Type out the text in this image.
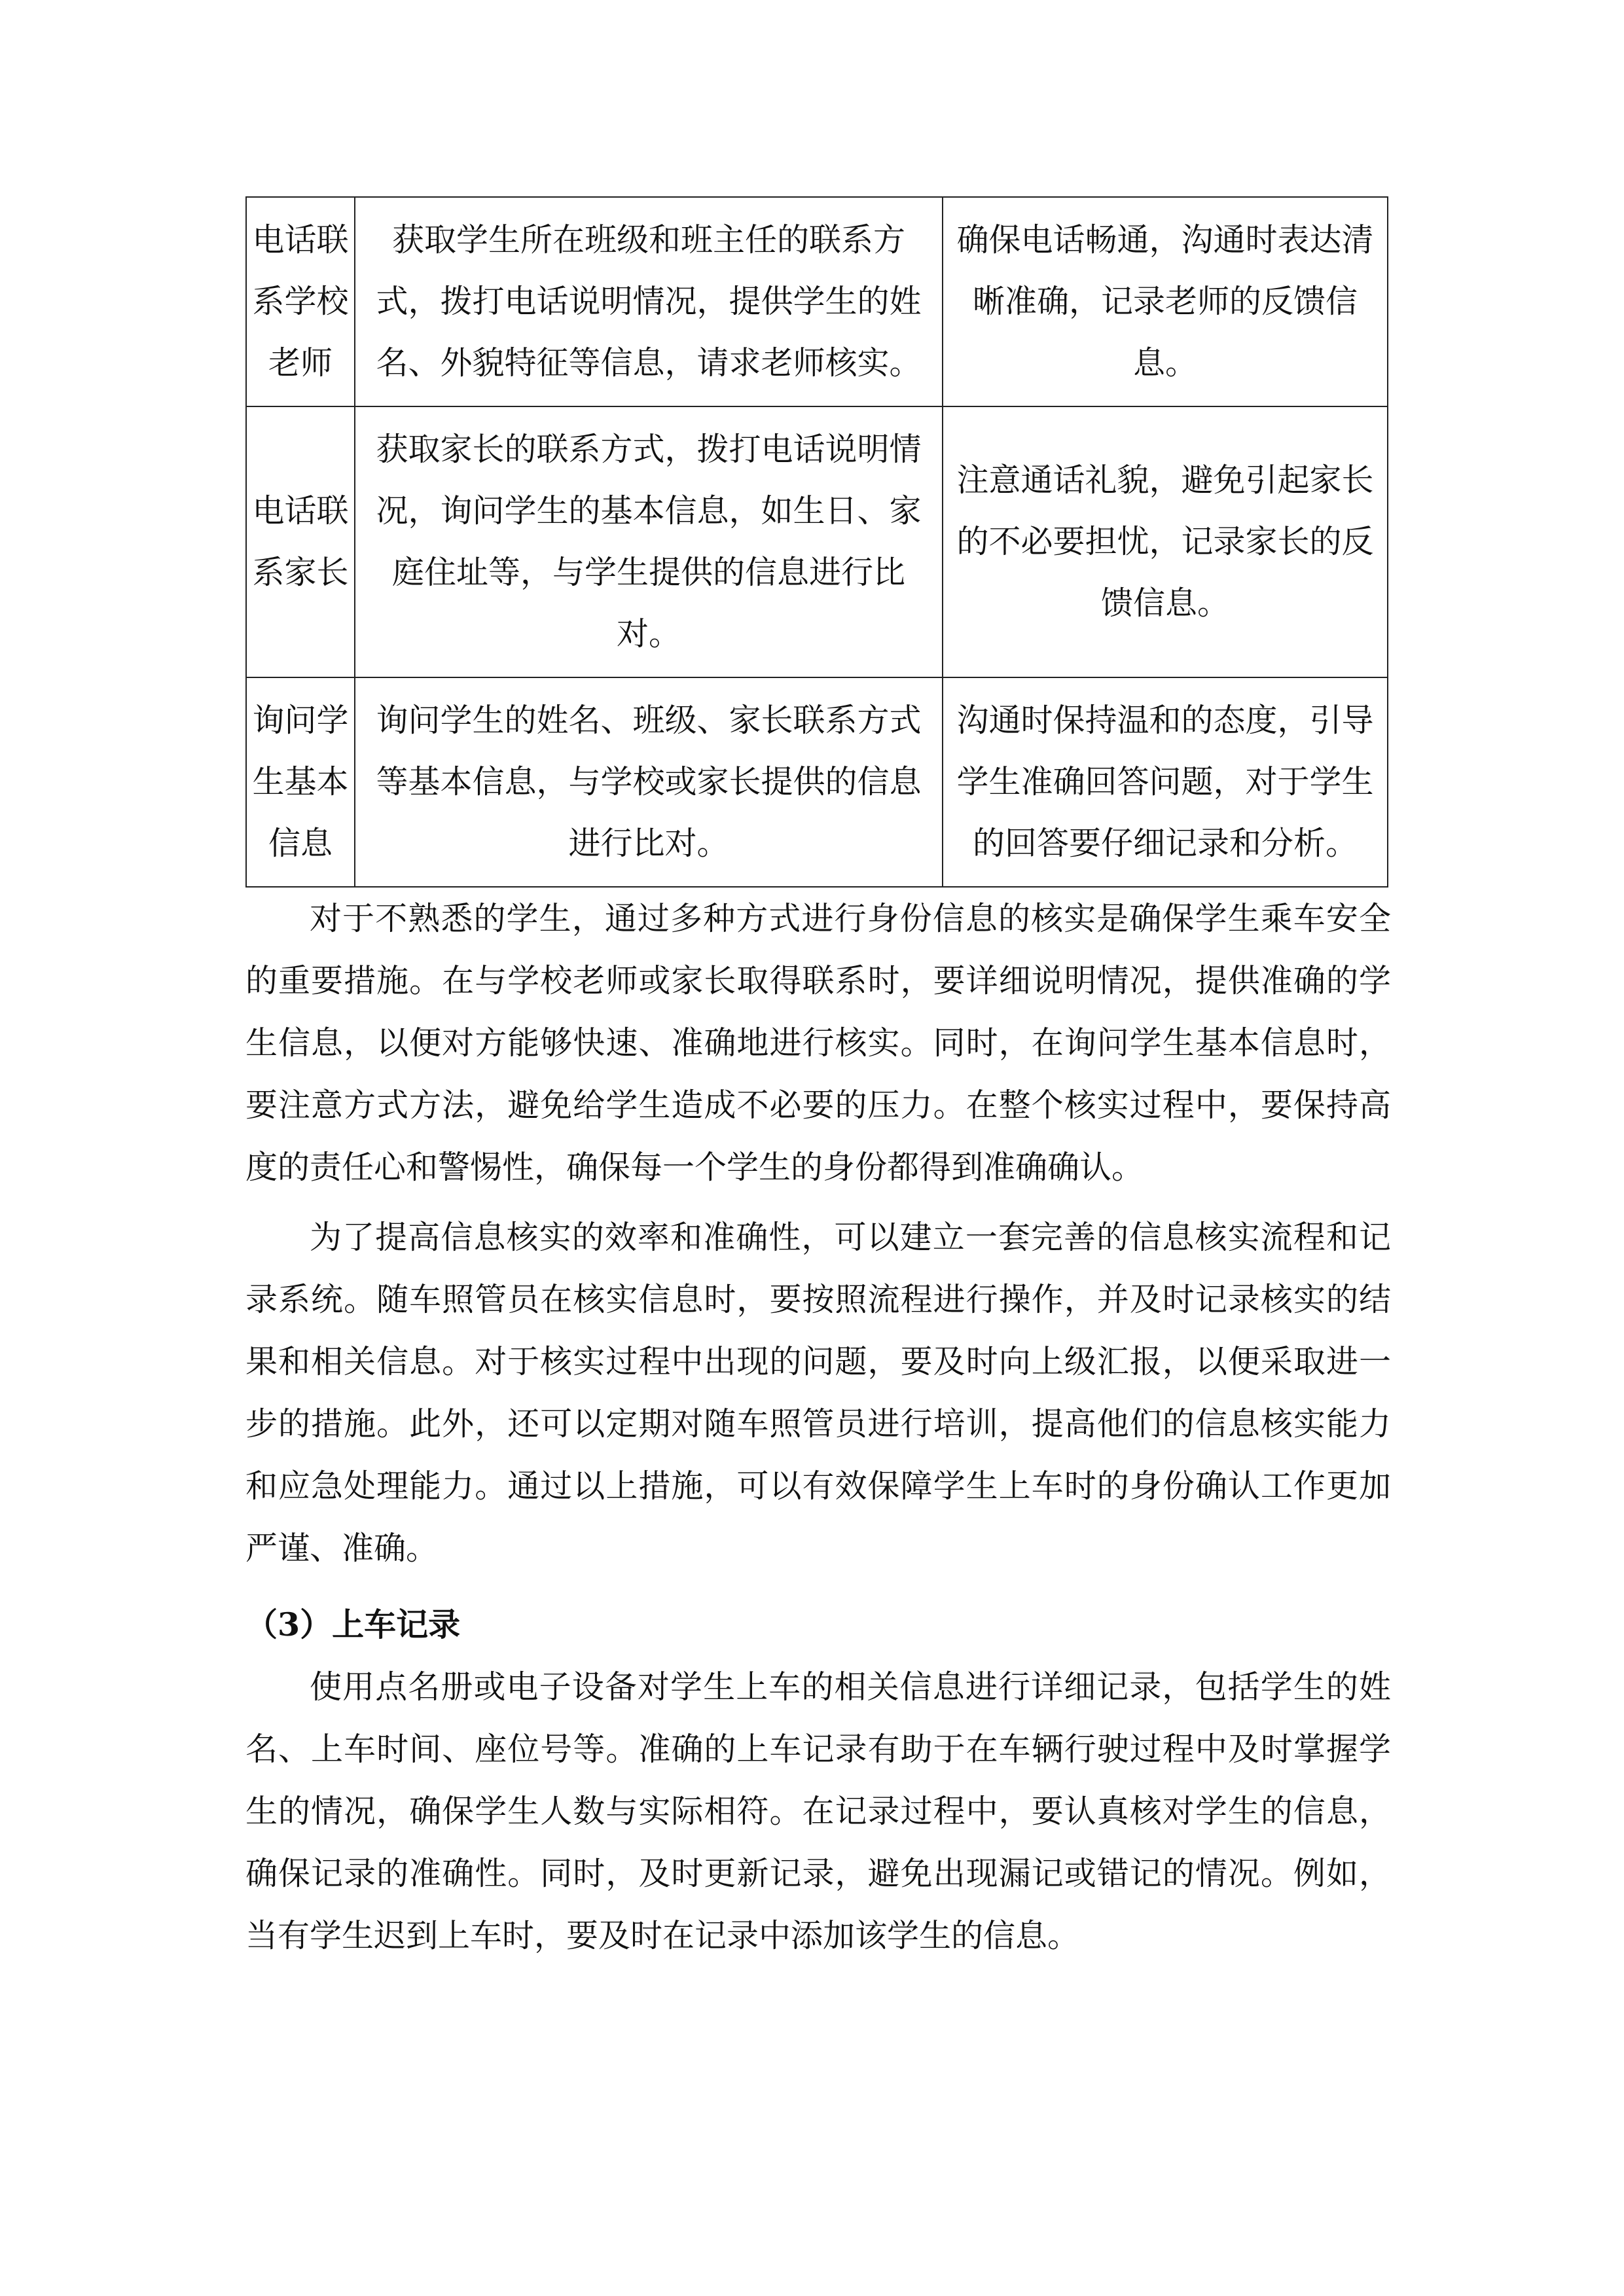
电话联系学校老师	获取学生所在班级和班主任的联系方式，拨打电话说明情况，提供学生的姓名、外貌特征等信息，请求老师核实。	确保电话畅通，沟通时表达清晰准确，记录老师的反馈信息。
电话联系家长	获取家长的联系方式，拨打电话说明情况，询问学生的基本信息，如生日、家庭住址等，与学生提供的信息进行比对。	注意通话礼貌，避免引起家长的不必要担忧，记录家长的反馈信息。
询问学生基本信息	询问学生的姓名、班级、家长联系方式等基本信息，与学校或家长提供的信息进行比对。	沟通时保持温和的态度，引导学生准确回答问题，对于学生的回答要仔细记录和分析。

对于不熟悉的学生，通过多种方式进行身份信息的核实是确保学生乘车安全的重要措施。在与学校老师或家长取得联系时，要详细说明情况，提供准确的学生信息，以便对方能够快速、准确地进行核实。同时，在询问学生基本信息时，要注意方式方法，避免给学生造成不必要的压力。在整个核实过程中，要保持高度的责任心和警惕性，确保每一个学生的身份都得到准确确认。

为了提高信息核实的效率和准确性，可以建立一套完善的信息核实流程和记录系统。随车照管员在核实信息时，要按照流程进行操作，并及时记录核实的结果和相关信息。对于核实过程中出现的问题，要及时向上级汇报，以便采取进一步的措施。此外，还可以定期对随车照管员进行培训，提高他们的信息核实能力和应急处理能力。通过以上措施，可以有效保障学生上车时的身份确认工作更加严谨、准确。

（3）上车记录

使用点名册或电子设备对学生上车的相关信息进行详细记录，包括学生的姓名、上车时间、座位号等。准确的上车记录有助于在车辆行驶过程中及时掌握学生的情况，确保学生人数与实际相符。在记录过程中，要认真核对学生的信息，确保记录的准确性。同时，及时更新记录，避免出现漏记或错记的情况。例如，当有学生迟到上车时，要及时在记录中添加该学生的信息。
